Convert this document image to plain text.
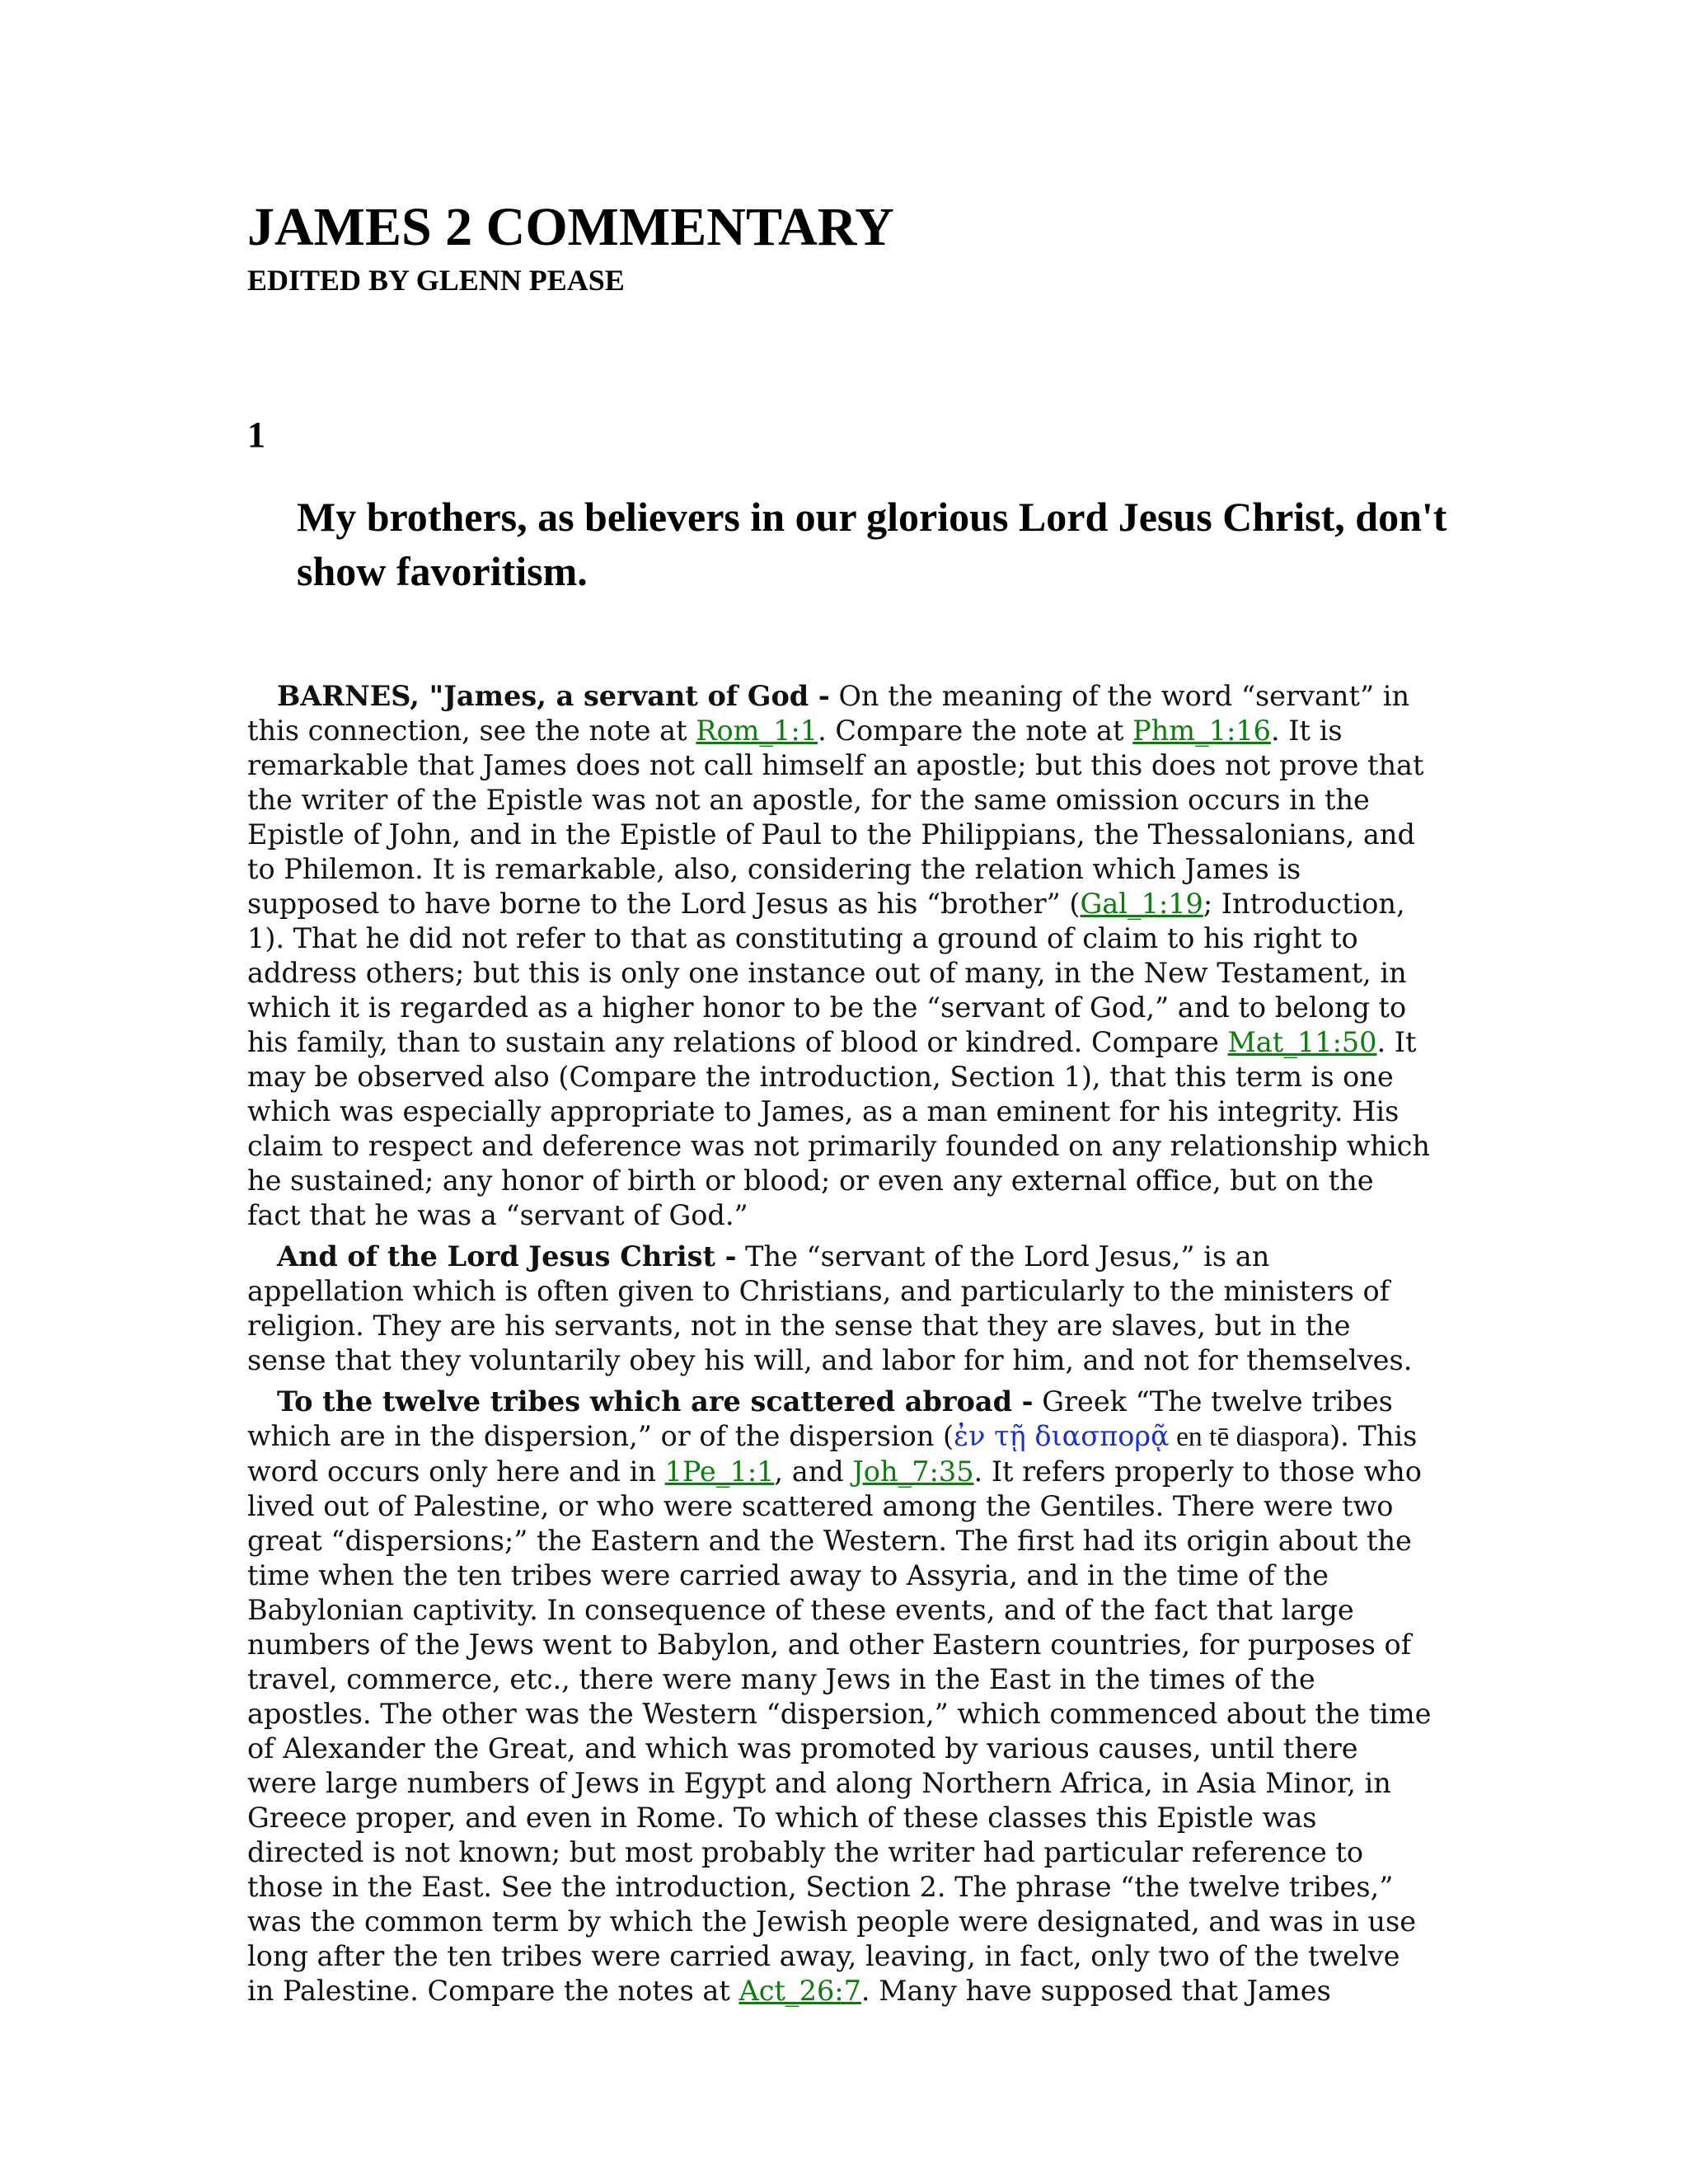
JAMES 2 COMMENTARY
EDITED BY GLENN PEASE
1
My brothers, as believers in our glorious Lord Jesus Christ, don't show favoritism.

BARNES, "James, a servant of God - On the meaning of the word “servant” in this connection, see the note at Rom_1:1. Compare the note at Phm_1:16. It is remarkable that James does not call himself an apostle; but this does not prove that the writer of the Epistle was not an apostle, for the same omission occurs in the Epistle of John, and in the Epistle of Paul to the Philippians, the Thessalonians, and to Philemon. It is remarkable, also, considering the relation which James is supposed to have borne to the Lord Jesus as his “brother” (Gal_1:19; Introduction, 1). That he did not refer to that as constituting a ground of claim to his right to address others; but this is only one instance out of many, in the New Testament, in which it is regarded as a higher honor to be the “servant of God,” and to belong to his family, than to sustain any relations of blood or kindred. Compare Mat_11:50. It may be observed also (Compare the introduction, Section 1), that this term is one which was especially appropriate to James, as a man eminent for his integrity. His claim to respect and deference was not primarily founded on any relationship which he sustained; any honor of birth or blood; or even any external office, but on the fact that he was a “servant of God.”

And of the Lord Jesus Christ - The “servant of the Lord Jesus,” is an appellation which is often given to Christians, and particularly to the ministers of religion. They are his servants, not in the sense that they are slaves, but in the sense that they voluntarily obey his will, and labor for him, and not for themselves.

To the twelve tribes which are scattered abroad - Greek “The twelve tribes which are in the dispersion,” or of the dispersion (ἐν τῇ διασπορᾷ en tē diaspora). This word occurs only here and in 1Pe_1:1, and Joh_7:35. It refers properly to those who lived out of Palestine, or who were scattered among the Gentiles. There were two great “dispersions;” the Eastern and the Western. The first had its origin about the time when the ten tribes were carried away to Assyria, and in the time of the Babylonian captivity. In consequence of these events, and of the fact that large numbers of the Jews went to Babylon, and other Eastern countries, for purposes of travel, commerce, etc., there were many Jews in the East in the times of the apostles. The other was the Western “dispersion,” which commenced about the time of Alexander the Great, and which was promoted by various causes, until there were large numbers of Jews in Egypt and along Northern Africa, in Asia Minor, in Greece proper, and even in Rome. To which of these classes this Epistle was directed is not known; but most probably the writer had particular reference to those in the East. See the introduction, Section 2. The phrase “the twelve tribes,” was the common term by which the Jewish people were designated, and was in use long after the ten tribes were carried away, leaving, in fact, only two of the twelve in Palestine. Compare the notes at Act_26:7. Many have supposed that James
